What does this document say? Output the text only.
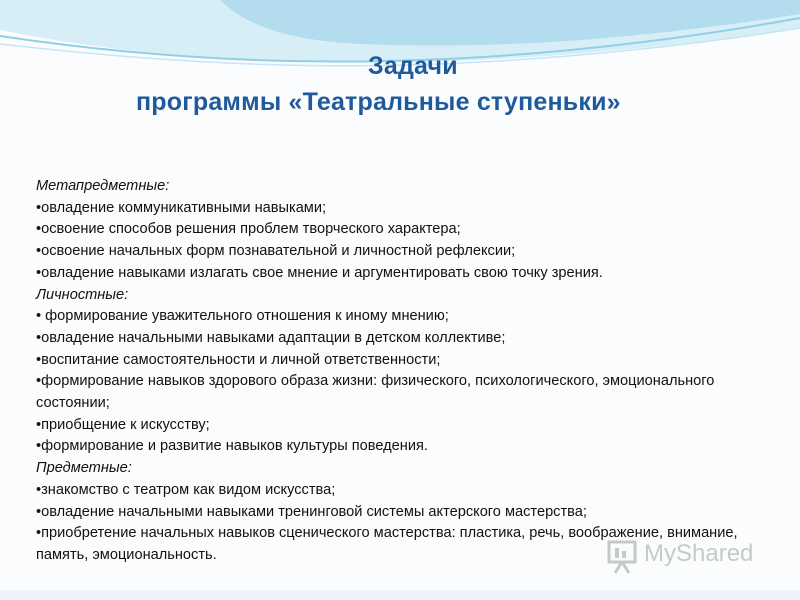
Задачи
программы «Театральные ступеньки»
Метапредметные:
• овладение коммуникативными навыками;
• освоение способов решения проблем творческого характера;
• освоение начальных форм познавательной и личностной рефлексии;
• овладение навыками излагать свое мнение и аргументировать свою точку зрения.
Личностные:
• формирование уважительного отношения к иному мнению;
• овладение начальными навыками адаптации в детском коллективе;
• воспитание самостоятельности и личной ответственности;
• формирование навыков здорового образа жизни: физического, психологического, эмоционального состоянии;
• приобщение к искусству;
• формирование и развитие навыков культуры поведения.
Предметные:
• знакомство с театром как видом искусства;
• овладение начальными навыками тренинговой системы актерского мастерства;
• приобретение начальных навыков сценического мастерства: пластика, речь, воображение, внимание, память, эмоциональность.	MyShared
